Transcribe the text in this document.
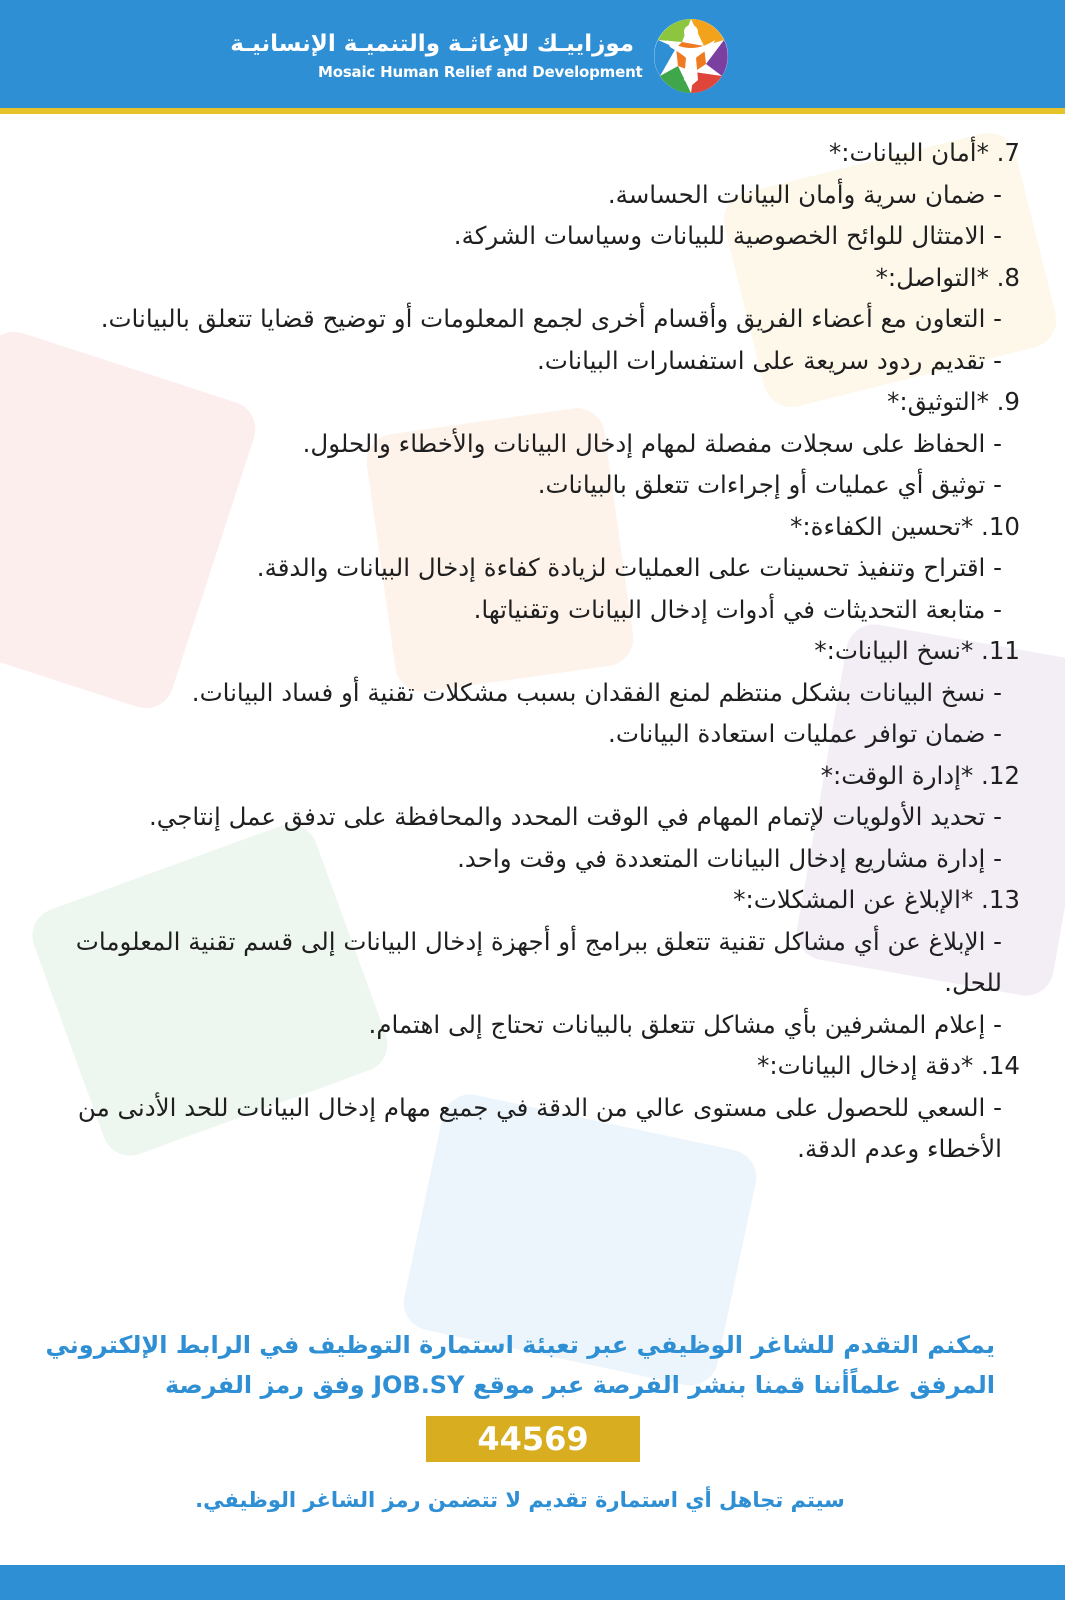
موزاييـك للإغاثـة والتنميـة الإنسانيـة
Mosaic Human Relief and Development

7. *أمان البيانات:*

- ضمان سرية وأمان البيانات الحساسة.

- الامتثال للوائح الخصوصية للبيانات وسياسات الشركة.

8. *التواصل:*

- التعاون مع أعضاء الفريق وأقسام أخرى لجمع المعلومات أو توضيح قضايا تتعلق بالبيانات.

- تقديم ردود سريعة على استفسارات البيانات.

9. *التوثيق:*

- الحفاظ على سجلات مفصلة لمهام إدخال البيانات والأخطاء والحلول.

- توثيق أي عمليات أو إجراءات تتعلق بالبيانات.

10. *تحسين الكفاءة:*

- اقتراح وتنفيذ تحسينات على العمليات لزيادة كفاءة إدخال البيانات والدقة.

- متابعة التحديثات في أدوات إدخال البيانات وتقنياتها.

11. *نسخ البيانات:*

- نسخ البيانات بشكل منتظم لمنع الفقدان بسبب مشكلات تقنية أو فساد البيانات.

- ضمان توافر عمليات استعادة البيانات.

12. *إدارة الوقت:*

- تحديد الأولويات لإتمام المهام في الوقت المحدد والمحافظة على تدفق عمل إنتاجي.

- إدارة مشاريع إدخال البيانات المتعددة في وقت واحد.

13. *الإبلاغ عن المشكلات:*

- الإبلاغ عن أي مشاكل تقنية تتعلق ببرامج أو أجهزة إدخال البيانات إلى قسم تقنية المعلومات للحل.

- إعلام المشرفين بأي مشاكل تتعلق بالبيانات تحتاج إلى اهتمام.

14. *دقة إدخال البيانات:*

- السعي للحصول على مستوى عالي من الدقة في جميع مهام إدخال البيانات للحد الأدنى من الأخطاء وعدم الدقة.

يمكنم التقدم للشاغر الوظيفي عبر تعبئة استمارة التوظيف في الرابط الإلكتروني
المرفق علماًأننا قمنا بنشر الفرصة عبر موقع JOB.SY وفق رمز الفرصة
44569
سيتم تجاهل أي استمارة تقديم لا تتضمن رمز الشاغر الوظيفي.
